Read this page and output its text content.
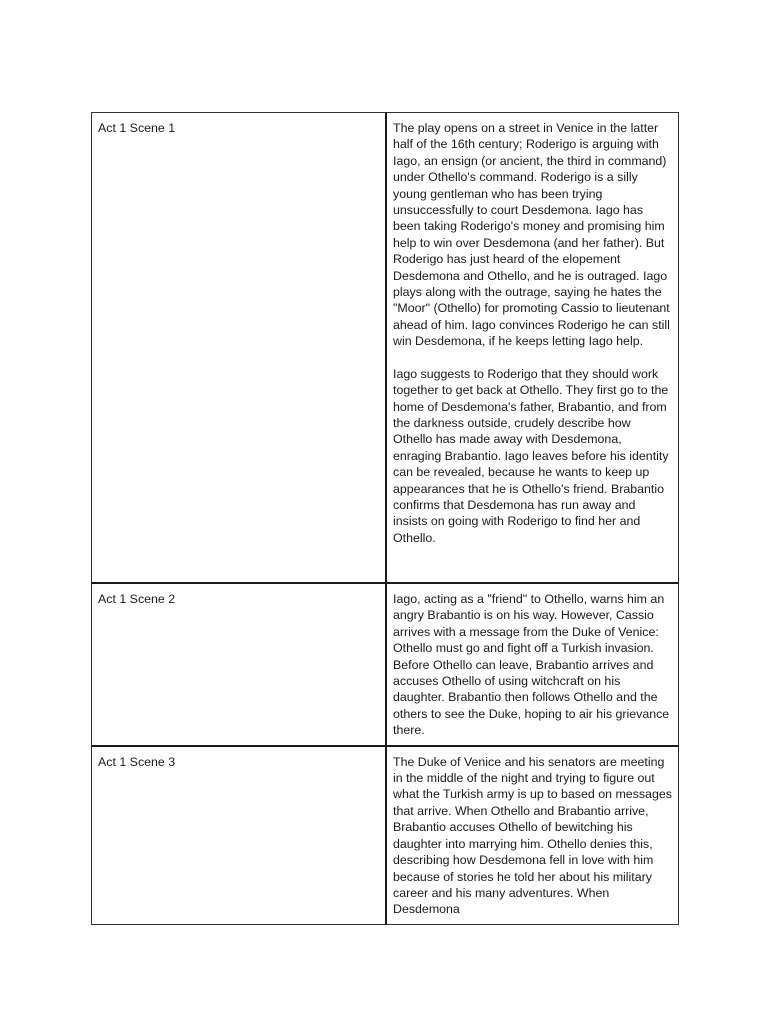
Act 1 Scene 1	The play opens on a street in Venice in the latter half of the 16th century; Roderigo is arguing with Iago, an ensign (or ancient, the third in command) under Othello's command. Roderigo is a silly young gentleman who has been trying unsuccessfully to court Desdemona. Iago has been taking Roderigo's money and promising him help to win over Desdemona (and her father). But Roderigo has just heard of the elopement Desdemona and Othello, and he is outraged. Iago plays along with the outrage, saying he hates the "Moor" (Othello) for promoting Cassio to lieutenant ahead of him. Iago convinces Roderigo he can still win Desdemona, if he keeps letting Iago help.

Iago suggests to Roderigo that they should work together to get back at Othello. They first go to the home of Desdemona's father, Brabantio, and from the darkness outside, crudely describe how Othello has made away with Desdemona, enraging Brabantio. Iago leaves before his identity can be revealed, because he wants to keep up appearances that he is Othello's friend. Brabantio confirms that Desdemona has run away and insists on going with Roderigo to find her and Othello.

Act 1 Scene 2	Iago, acting as a "friend" to Othello, warns him an angry Brabantio is on his way. However, Cassio arrives with a message from the Duke of Venice: Othello must go and fight off a Turkish invasion. Before Othello can leave, Brabantio arrives and accuses Othello of using witchcraft on his daughter. Brabantio then follows Othello and the others to see the Duke, hoping to air his grievance there.

Act 1 Scene 3	The Duke of Venice and his senators are meeting in the middle of the night and trying to figure out what the Turkish army is up to based on messages that arrive. When Othello and Brabantio arrive, Brabantio accuses Othello of bewitching his daughter into marrying him. Othello denies this, describing how Desdemona fell in love with him because of stories he told her about his military career and his many adventures. When Desdemona
